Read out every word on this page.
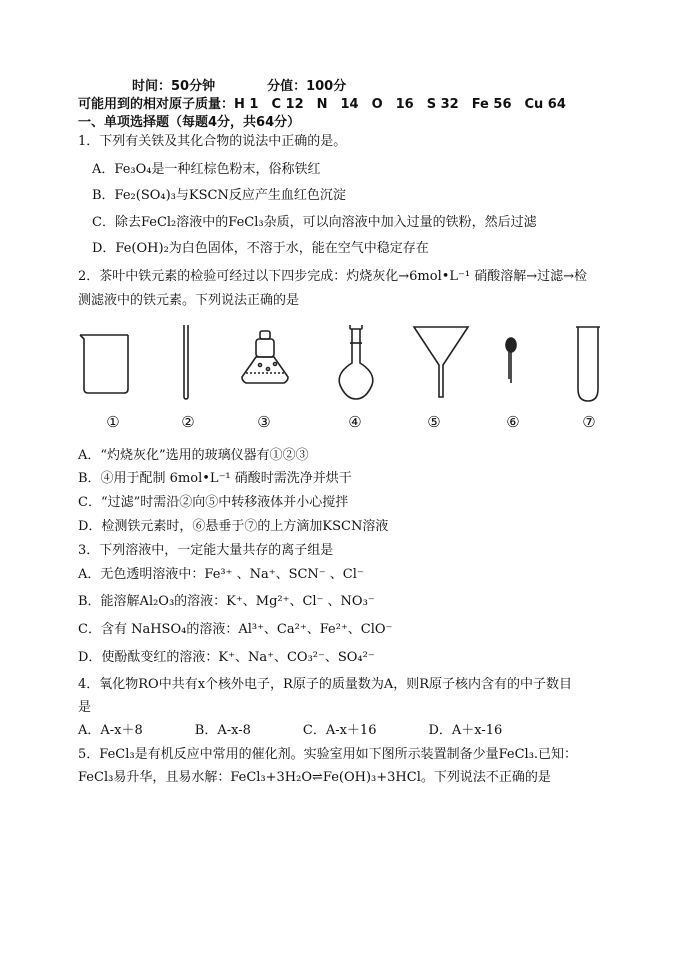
时间：50分钟　　　　分值：100分
可能用到的相对原子质量：H 1　C 12　N　14　O　16　S 32　Fe 56　Cu 64
一、单项选择题（每题4分，共64分）
1．下列有关铁及其化合物的说法中正确的是。
A．Fe₃O₄是一种红棕色粉末，俗称铁红
B．Fe₂(SO₄)₃与KSCN反应产生血红色沉淀
C．除去FeCl₂溶液中的FeCl₃杂质，可以向溶液中加入过量的铁粉，然后过滤
D．Fe(OH)₂为白色固体，不溶于水，能在空气中稳定存在
2．茶叶中铁元素的检验可经过以下四步完成：灼烧灰化→6mol•L⁻¹ 硝酸溶解→过滤→检
测滤液中的铁元素。下列说法正确的是
①	②	③	④	⑤	⑥	⑦
A．“灼烧灰化”选用的玻璃仪器有①②③
B．④用于配制 6mol•L⁻¹ 硝酸时需洗净并烘干
C．“过滤”时需沿②向⑤中转移液体并小心搅拌
D．检测铁元素时，⑥悬垂于⑦的上方滴加KSCN溶液
3．下列溶液中，一定能大量共存的离子组是
A．无色透明溶液中：Fe³⁺ 、Na⁺、SCN⁻ 、Cl⁻
B．能溶解Al₂O₃的溶液：K⁺、Mg²⁺、Cl⁻ 、NO₃⁻
C．含有 NaHSO₄的溶液：Al³⁺、Ca²⁺、Fe²⁺、ClO⁻
D．使酚酞变红的溶液：K⁺、Na⁺、CO₃²⁻、SO₄²⁻
4．氧化物RO中共有x个核外电子，R原子的质量数为A，则R原子核内含有的中子数目
是
A．A-x＋8　　　　B．A-x-8　　　　C．A-x＋16　　　　D．A＋x-16
5．FeCl₃是有机反应中常用的催化剂。实验室用如下图所示装置制备少量FeCl₃.已知：
FeCl₃易升华，且易水解：FeCl₃+3H₂O⇌Fe(OH)₃+3HCl。下列说法不正确的是
